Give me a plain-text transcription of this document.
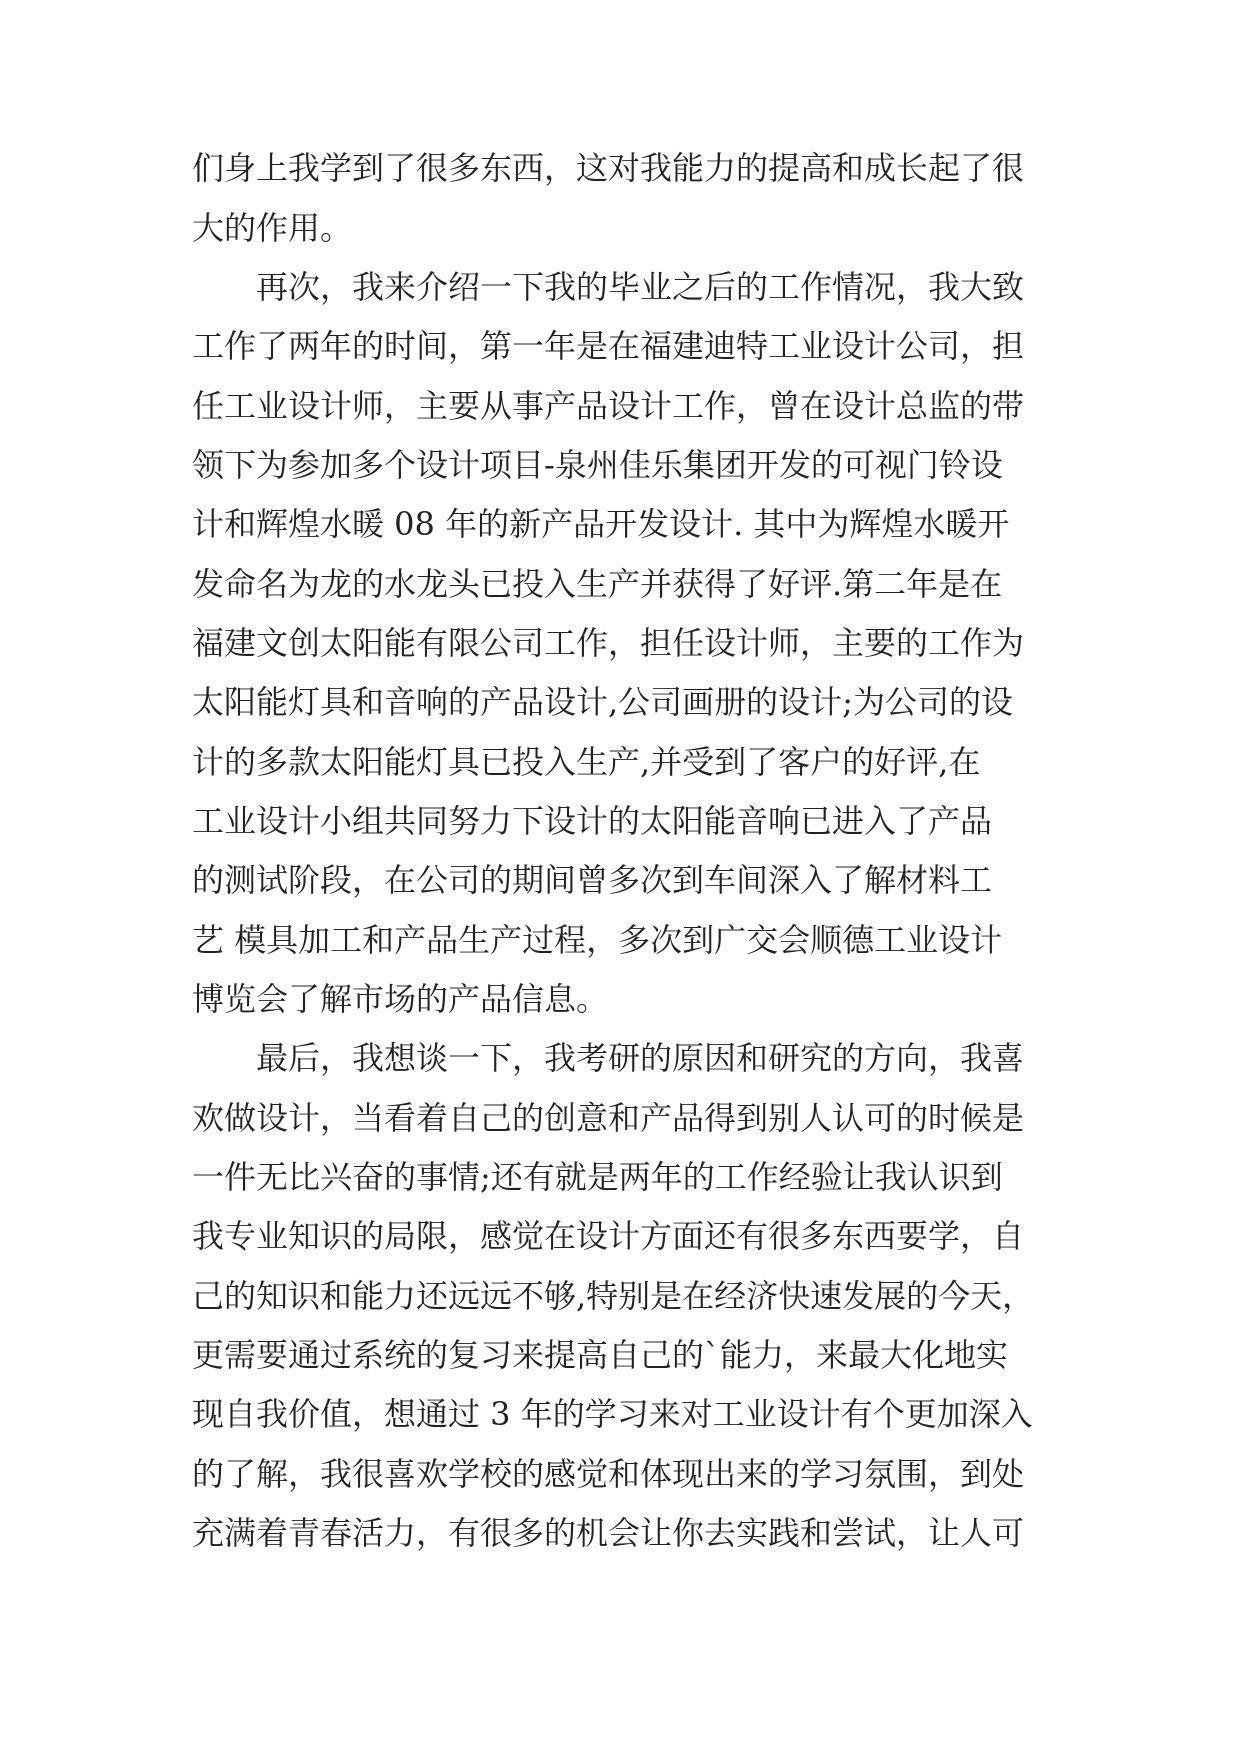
们身上我学到了很多东西，这对我能力的提高和成长起了很
大的作用。
　　再次，我来介绍一下我的毕业之后的工作情况，我大致
工作了两年的时间，第一年是在福建迪特工业设计公司，担
任工业设计师，主要从事产品设计工作，曾在设计总监的带
领下为参加多个设计项目-泉州佳乐集团开发的可视门铃设
计和辉煌水暖 08 年的新产品开发设计. 其中为辉煌水暖开
发命名为龙的水龙头已投入生产并获得了好评.第二年是在
福建文创太阳能有限公司工作，担任设计师，主要的工作为
太阳能灯具和音响的产品设计,公司画册的设计;为公司的设
计的多款太阳能灯具已投入生产,并受到了客户的好评,在
工业设计小组共同努力下设计的太阳能音响已进入了产品
的测试阶段，在公司的期间曾多次到车间深入了解材料工
艺 模具加工和产品生产过程，多次到广交会顺德工业设计
博览会了解市场的产品信息。
　　最后，我想谈一下，我考研的原因和研究的方向，我喜
欢做设计，当看着自己的创意和产品得到别人认可的时候是
一件无比兴奋的事情;还有就是两年的工作经验让我认识到
我专业知识的局限，感觉在设计方面还有很多东西要学，自
己的知识和能力还远远不够,特别是在经济快速发展的今天，
更需要通过系统的复习来提高自己的`能力，来最大化地实
现自我价值，想通过 3 年的学习来对工业设计有个更加深入
的了解，我很喜欢学校的感觉和体现出来的学习氛围，到处
充满着青春活力，有很多的机会让你去实践和尝试，让人可
